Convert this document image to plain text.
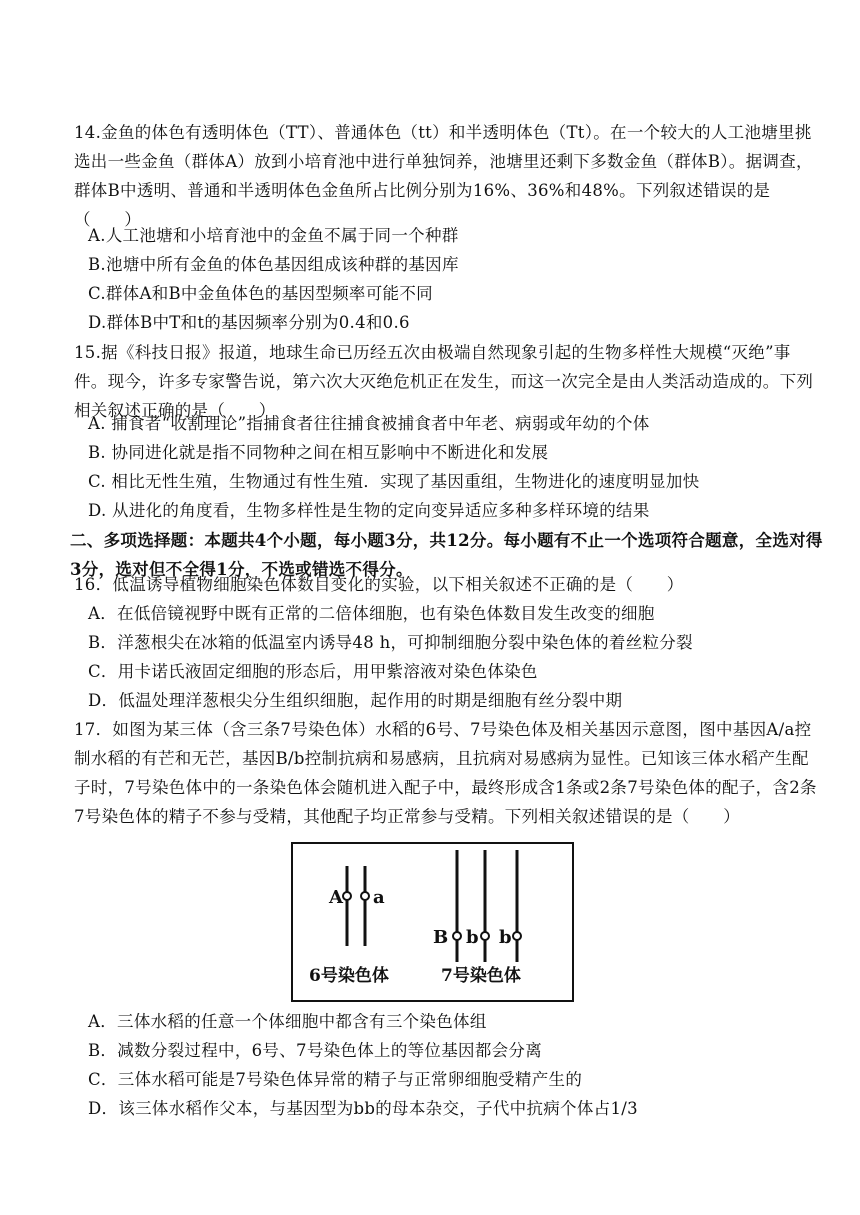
14.金鱼的体色有透明体色（TT）、普通体色（tt）和半透明体色（Tt）。在一个较大的人工池塘里挑选出一些金鱼（群体A）放到小培育池中进行单独饲养，池塘里还剩下多数金鱼（群体B）。据调查，群体B中透明、普通和半透明体色金鱼所占比例分别为16%、36%和48%。下列叙述错误的是（　　）

A.人工池塘和小培育池中的金鱼不属于同一个种群

B.池塘中所有金鱼的体色基因组成该种群的基因库

C.群体A和B中金鱼体色的基因型频率可能不同

D.群体B中T和t的基因频率分别为0.4和0.6

15.据《科技日报》报道，地球生命已历经五次由极端自然现象引起的生物多样性大规模“灭绝”事件。现今，许多专家警告说，第六次大灭绝危机正在发生，而这一次完全是由人类活动造成的。下列相关叙述正确的是（　　）

A. 捕食者“收割理论”指捕食者往往捕食被捕食者中年老、病弱或年幼的个体

B. 协同进化就是指不同物种之间在相互影响中不断进化和发展

C. 相比无性生殖，生物通过有性生殖．实现了基因重组，生物进化的速度明显加快

D. 从进化的角度看，生物多样性是生物的定向变异适应多种多样环境的结果

二、多项选择题：本题共4个小题，每小题3分，共12分。每小题有不止一个选项符合题意，全选对得3分，选对但不全得1分，不选或错选不得分。

16．低温诱导植物细胞染色体数目变化的实验，以下相关叙述不正确的是（　　）

A．在低倍镜视野中既有正常的二倍体细胞，也有染色体数目发生改变的细胞

B．洋葱根尖在冰箱的低温室内诱导48 h，可抑制细胞分裂中染色体的着丝粒分裂

C．用卡诺氏液固定细胞的形态后，用甲紫溶液对染色体染色

D．低温处理洋葱根尖分生组织细胞，起作用的时期是细胞有丝分裂中期

17．如图为某三体（含三条7号染色体）水稻的6号、7号染色体及相关基因示意图，图中基因A/a控制水稻的有芒和无芒，基因B/b控制抗病和易感病，且抗病对易感病为显性。已知该三体水稻产生配子时，7号染色体中的一条染色体会随机进入配子中，最终形成含1条或2条7号染色体的配子，含2条7号染色体的精子不参与受精，其他配子均正常参与受精。下列相关叙述错误的是（　　）

A a
B b b
6号染色体	7号染色体

A．三体水稻的任意一个体细胞中都含有三个染色体组

B．减数分裂过程中，6号、7号染色体上的等位基因都会分离

C．三体水稻可能是7号染色体异常的精子与正常卵细胞受精产生的

D．该三体水稻作父本，与基因型为bb的母本杂交，子代中抗病个体占1/3
